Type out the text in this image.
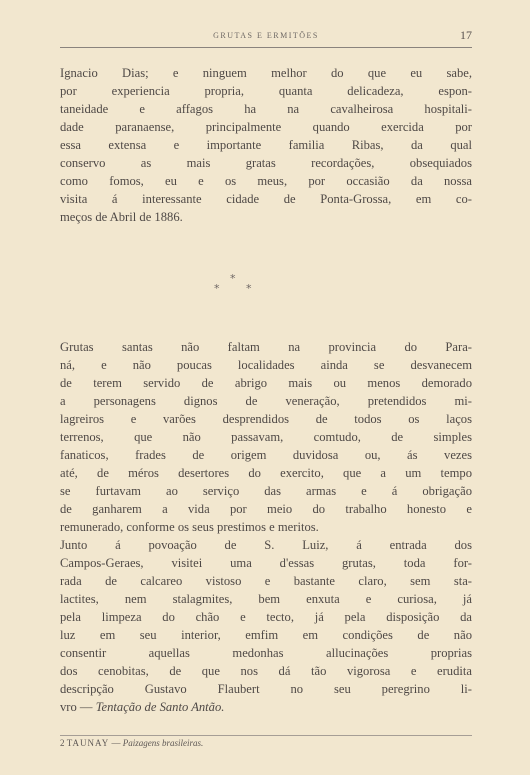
GRUTAS E ERMITÕES	17
Ignacio Dias; e ninguem melhor do que eu sabe,
por experiencia propria, quanta delicadeza, espon-
taneidade e affagos ha na cavalheirosa hospitali-
dade paranaense, principalmente quando exercida por
essa extensa e importante familia Ribas, da qual
conservo as mais gratas recordações, obsequiados
como fomos, eu e os meus, por occasião da nossa
visita á interessante cidade de Ponta-Grossa, em co-
meços de Abril de 1886.
*
* *
Grutas santas não faltam na provincia do Para-
ná, e não poucas localidades ainda se desvanecem
de terem servido de abrigo mais ou menos demorado
a personagens dignos de veneração, pretendidos mi-
lagreiros e varões desprendidos de todos os laços
terrenos, que não passavam, comtudo, de simples
fanaticos, frades de origem duvidosa ou, ás vezes
até, de méros desertores do exercito, que a um tempo
se furtavam ao serviço das armas e á obrigação
de ganharem a vida por meio do trabalho honesto e
remunerado, conforme os seus prestimos e meritos.
Junto á povoação de S. Luiz, á entrada dos
Campos-Geraes, visitei uma d'essas grutas, toda for-
rada de calcareo vistoso e bastante claro, sem sta-
lactites, nem stalagmites, bem enxuta e curiosa, já
pela limpeza do chão e tecto, já pela disposição da
luz em seu interior, emfim em condições de não
consentir aquellas medonhas allucinações proprias
dos cenobitas, de que nos dá tão vigorosa e erudita
descripção Gustavo Flaubert no seu peregrino li-
vro — Tentação de Santo Antão.
2 TAUNAY — Paizagens brasileiras.
